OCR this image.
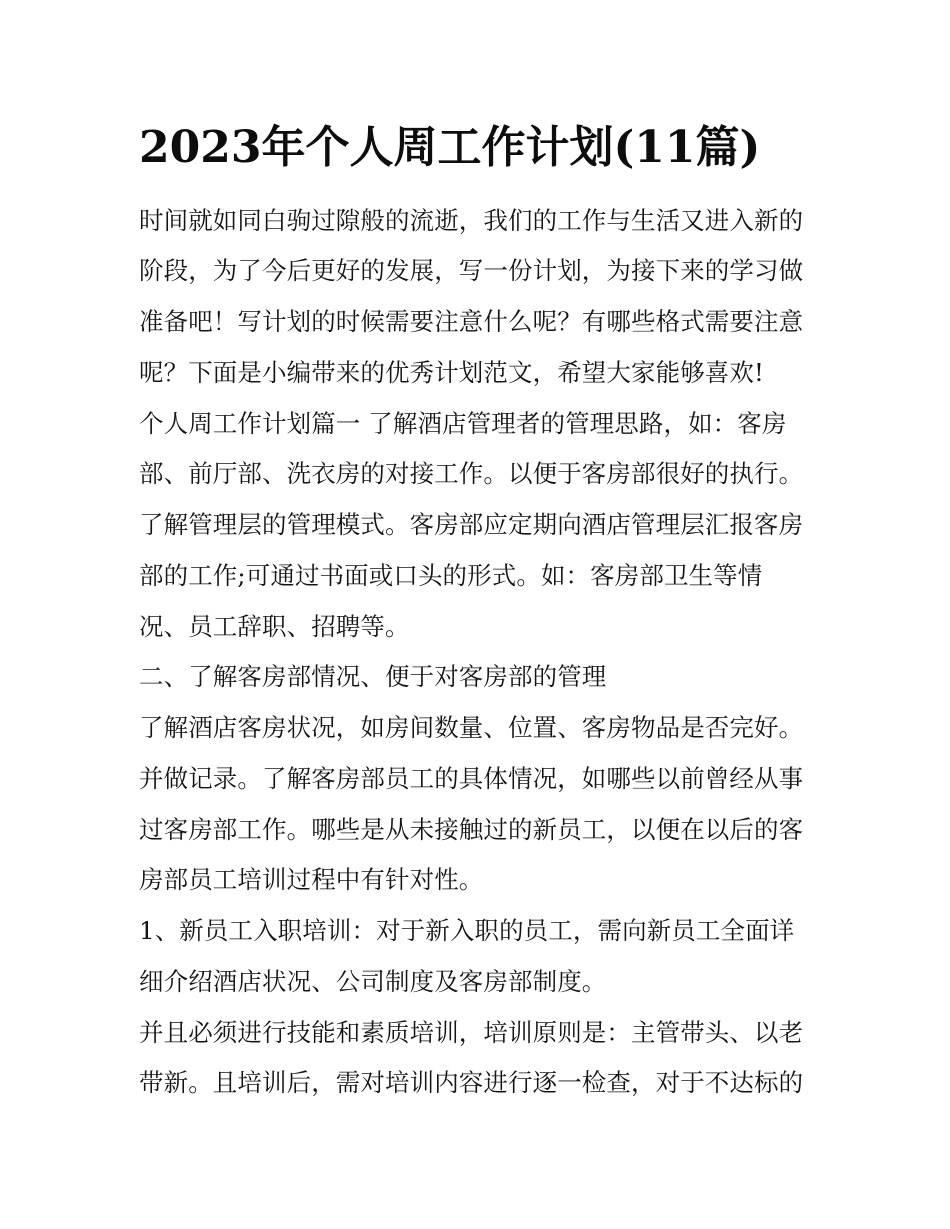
2023年个人周工作计划(11篇)
时间就如同白驹过隙般的流逝，我们的工作与生活又进入新的
阶段，为了今后更好的发展，写一份计划，为接下来的学习做
准备吧！写计划的时候需要注意什么呢？有哪些格式需要注意
呢？下面是小编带来的优秀计划范文，希望大家能够喜欢!
个人周工作计划篇一 了解酒店管理者的管理思路，如：客房
部、前厅部、洗衣房的对接工作。以便于客房部很好的执行。
了解管理层的管理模式。客房部应定期向酒店管理层汇报客房
部的工作;可通过书面或口头的形式。如：客房部卫生等情
况、员工辞职、招聘等。
二、了解客房部情况、便于对客房部的管理
了解酒店客房状况，如房间数量、位置、客房物品是否完好。
并做记录。了解客房部员工的具体情况，如哪些以前曾经从事
过客房部工作。哪些是从未接触过的新员工，以便在以后的客
房部员工培训过程中有针对性。
1、新员工入职培训：对于新入职的员工，需向新员工全面详
细介绍酒店状况、公司制度及客房部制度。
并且必须进行技能和素质培训，培训原则是：主管带头、以老
带新。且培训后，需对培训内容进行逐一检查，对于不达标的
